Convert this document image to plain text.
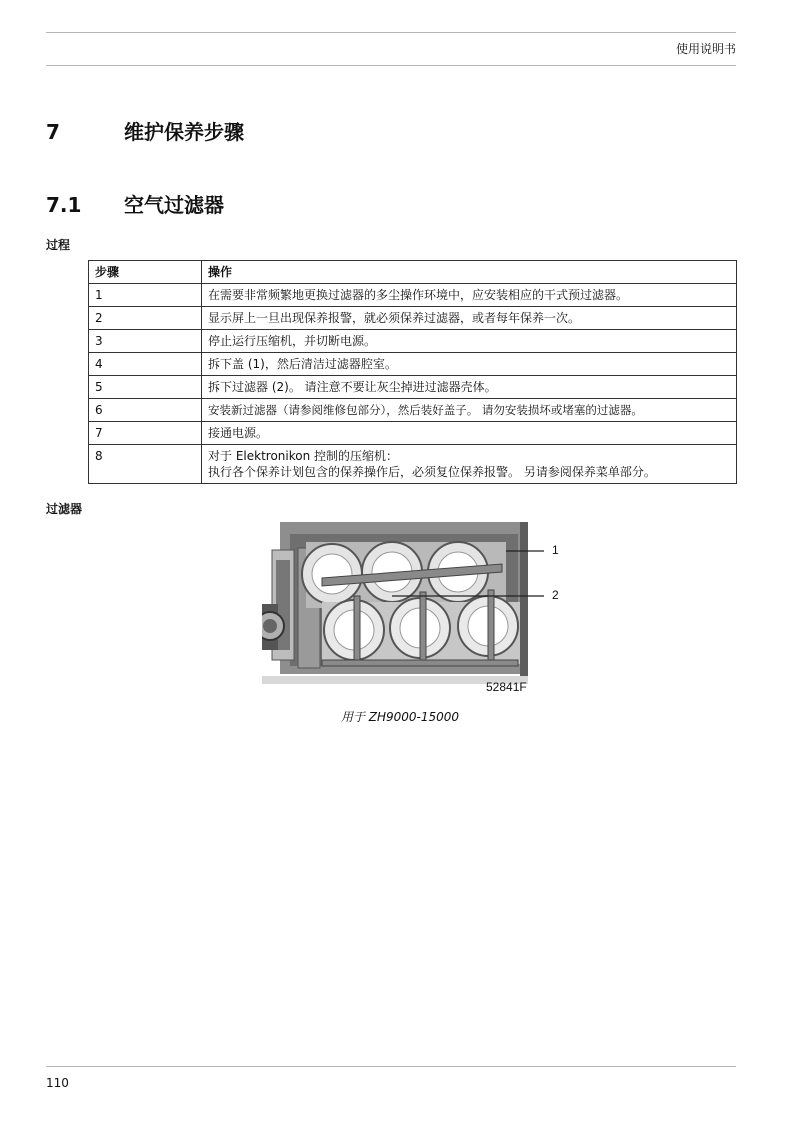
使用说明书
7	维护保养步骤
7.1 空气过滤器
过程
步骤	操作
1	在需要非常频繁地更换过滤器的多尘操作环境中，应安装相应的干式预过滤器。
2	显示屏上一旦出现保养报警，就必须保养过滤器，或者每年保养一次。
3	停止运行压缩机，并切断电源。
4	拆下盖 (1)，然后清洁过滤器腔室。
5	拆下过滤器 (2)。 请注意不要让灰尘掉进过滤器壳体。
6	安装新过滤器（请参阅维修包部分），然后装好盖子。 请勿安装损坏或堵塞的过滤器。
7	接通电源。
8	对于 Elektronikon 控制的压缩机：
执行各个保养计划包含的保养操作后，必须复位保养报警。 另请参阅保养菜单部分。
过滤器
1
2
52841F
用于 ZH9000-15000
110
